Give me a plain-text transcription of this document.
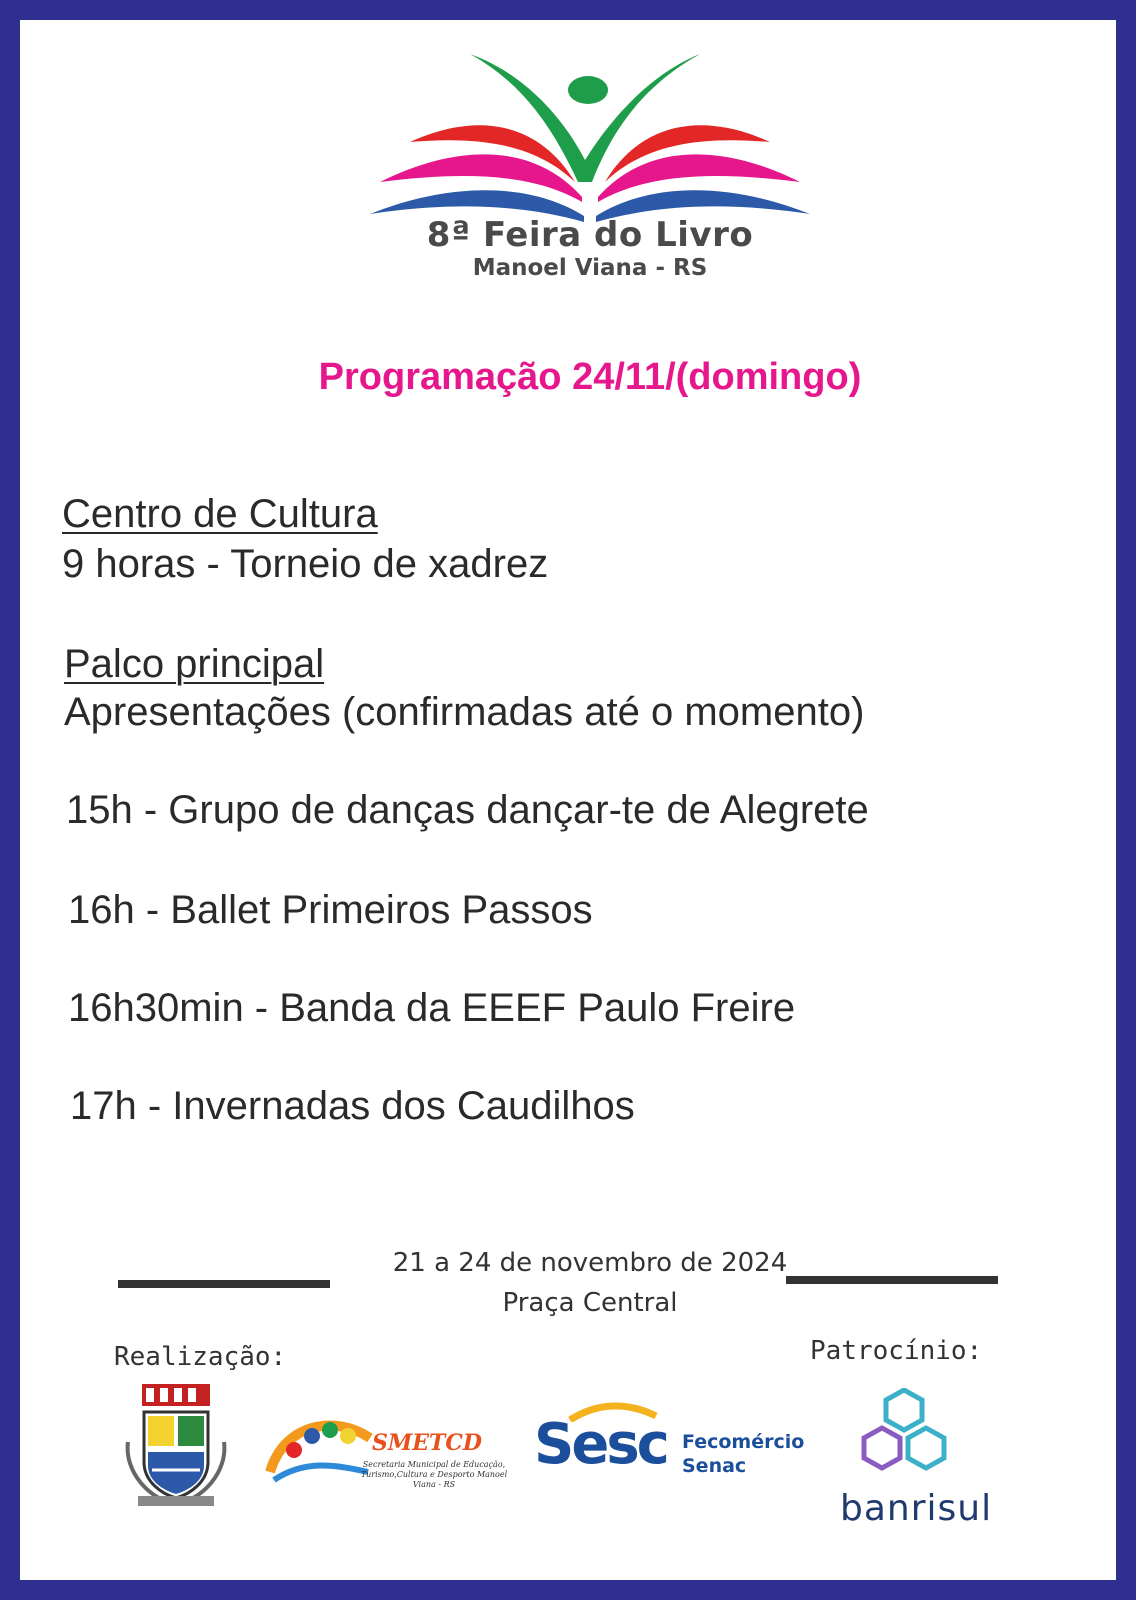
8ª Feira do Livro
Manoel Viana - RS
Programação 24/11/(domingo)
Centro de Cultura
9 horas - Torneio de xadrez
Palco principal
Apresentações (confirmadas até o momento)
15h - Grupo de danças dançar-te de Alegrete
16h - Ballet Primeiros Passos
16h30min - Banda da EEEF Paulo Freire
17h - Invernadas dos Caudilhos
21 a 24 de novembro de 2024
Praça Central
Realização:	Patrocínio:
SMETCD
Secretaria Municipal de Educação, Turismo,Cultura e Desporto Manoel Viana - RS
Sesc Fecomércio
Senac
banrisul
